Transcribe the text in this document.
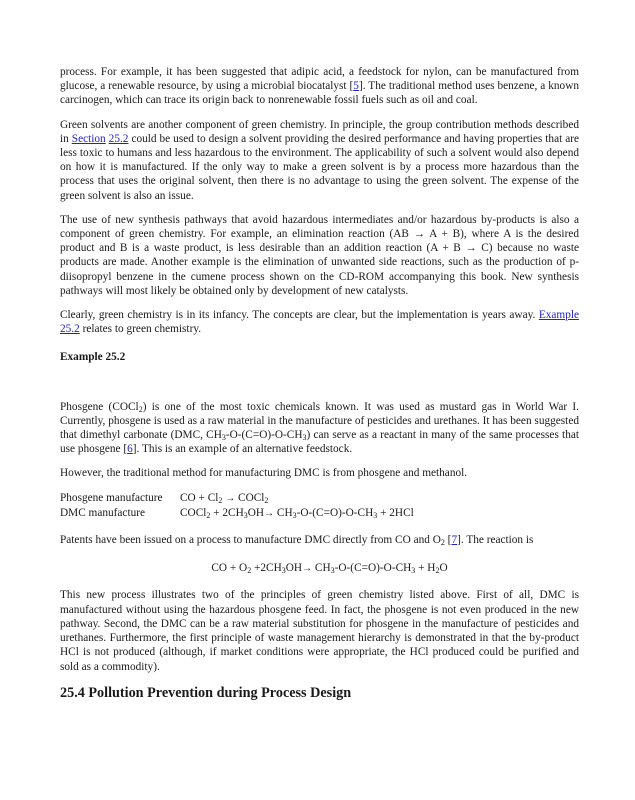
process. For example, it has been suggested that adipic acid, a feedstock for nylon, can be manufactured from glucose, a renewable resource, by using a microbial biocatalyst [5]. The traditional method uses benzene, a known carcinogen, which can trace its origin back to nonrenewable fossil fuels such as oil and coal.

Green solvents are another component of green chemistry. In principle, the group contribution methods described in Section 25.2 could be used to design a solvent providing the desired performance and having properties that are less toxic to humans and less hazardous to the environment. The applicability of such a solvent would also depend on how it is manufactured. If the only way to make a green solvent is by a process more hazardous than the process that uses the original solvent, then there is no advantage to using the green solvent. The expense of the green solvent is also an issue.

The use of new synthesis pathways that avoid hazardous intermediates and/or hazardous by-products is also a component of green chemistry. For example, an elimination reaction (AB → A + B), where A is the desired product and B is a waste product, is less desirable than an addition reaction (A + B → C) because no waste products are made. Another example is the elimination of unwanted side reactions, such as the production of p-diisopropyl benzene in the cumene process shown on the CD-ROM accompanying this book. New synthesis pathways will most likely be obtained only by development of new catalysts.

Clearly, green chemistry is in its infancy. The concepts are clear, but the implementation is years away. Example 25.2 relates to green chemistry.

Example 25.2

Phosgene (COCl$_2$) is one of the most toxic chemicals known. It was used as mustard gas in World War I. Currently, phosgene is used as a raw material in the manufacture of pesticides and urethanes. It has been suggested that dimethyl carbonate (DMC, $CH_3-O-(C=O)-O-CH_3$) can serve as a reactant in many of the same processes that use phosgene [6]. This is an example of an alternative feedstock.

However, the traditional method for manufacturing DMC is from phosgene and methanol.

Phosgene manufacture	CO + $Cl_2$ → COCl$_2$
DMC manufacture	COCl$_2$ + $2CH_3OH\to CH_3-O-(C=O)-O-CH_3 + 2HCl$

Patents have been issued on a process to manufacture DMC directly from CO and $O_2$ [7]. The reaction is

CO + $O_2 +2CH_3OH\to CH_3-O-(C=O)-O-CH_3 + H_2O$

This new process illustrates two of the principles of green chemistry listed above. First of all, DMC is manufactured without using the hazardous phosgene feed. In fact, the phosgene is not even produced in the new pathway. Second, the DMC can be a raw material substitution for phosgene in the manufacture of pesticides and urethanes. Furthermore, the first principle of waste management hierarchy is demonstrated in that the by-product HCl is not produced (although, if market conditions were appropriate, the HCl produced could be purified and sold as a commodity).

25.4 Pollution Prevention during Process Design
